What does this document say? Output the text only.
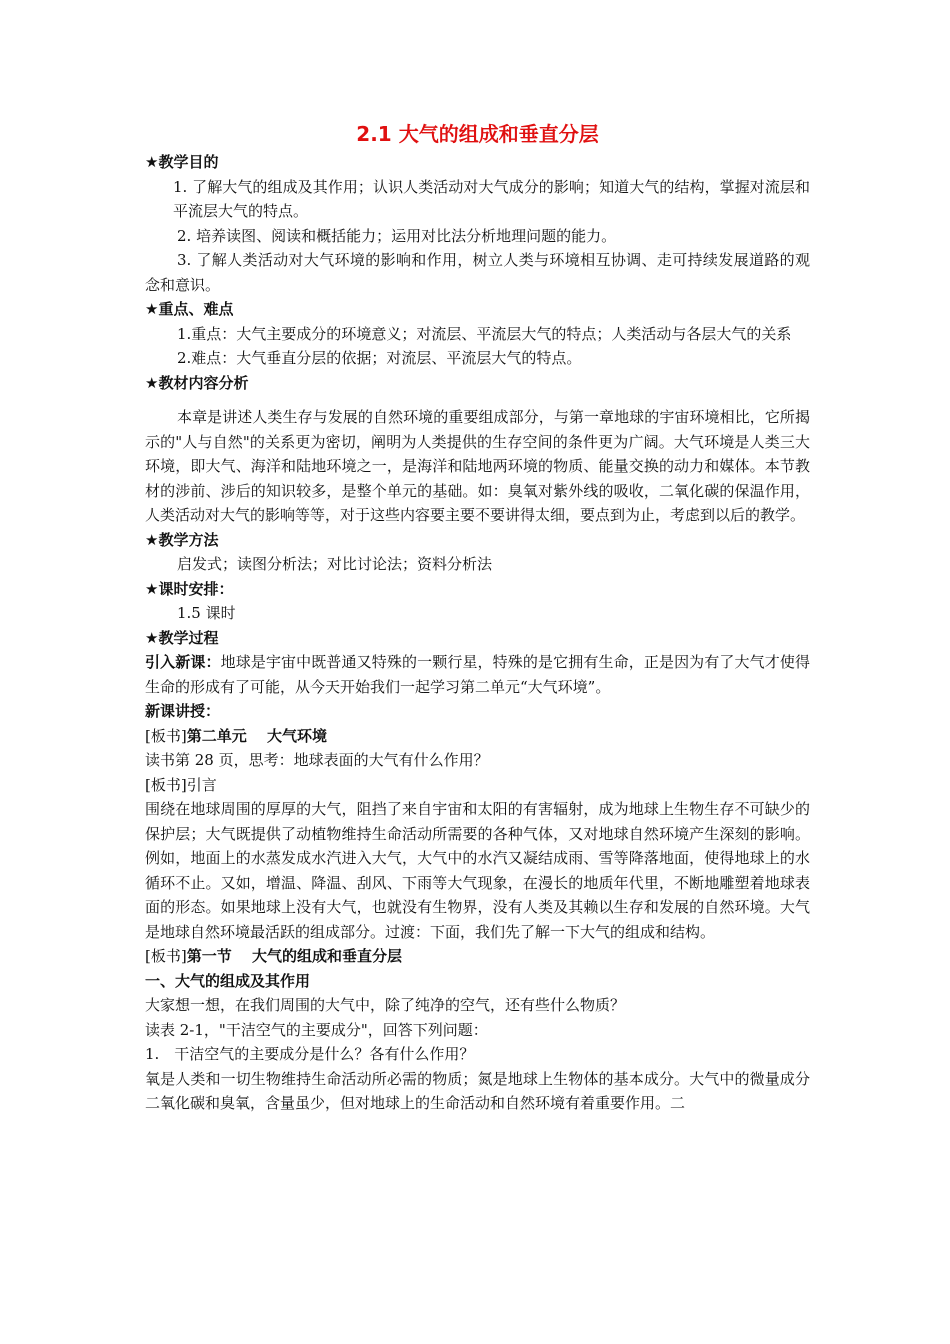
2.1 大气的组成和垂直分层
★教学目的

1. 了解大气的组成及其作用；认识人类活动对大气成分的影响；知道大气的结构，掌握对流层和平流层大气的特点。

2. 培养读图、阅读和概括能力；运用对比法分析地理问题的能力。

3. 了解人类活动对大气环境的影响和作用，树立人类与环境相互协调、走可持续发展道路的观念和意识。

★重点、难点

1.重点：大气主要成分的环境意义；对流层、平流层大气的特点；人类活动与各层大气的关系

2.难点：大气垂直分层的依据；对流层、平流层大气的特点。

★教材内容分析

本章是讲述人类生存与发展的自然环境的重要组成部分，与第一章地球的宇宙环境相比，它所揭示的"人与自然"的关系更为密切，阐明为人类提供的生存空间的条件更为广阔。大气环境是人类三大环境，即大气、海洋和陆地环境之一，是海洋和陆地两环境的物质、能量交换的动力和媒体。本节教材的涉前、涉后的知识较多，是整个单元的基础。如：臭氧对紫外线的吸收，二氧化碳的保温作用，人类活动对大气的影响等等，对于这些内容要主要不要讲得太细，要点到为止，考虑到以后的教学。

★教学方法

启发式；读图分析法；对比讨论法；资料分析法

★课时安排：

1.5 课时

★教学过程

引入新课：地球是宇宙中既普通又特殊的一颗行星，特殊的是它拥有生命，正是因为有了大气才使得生命的形成有了可能，从今天开始我们一起学习第二单元“大气环境”。

新课讲授：

[板书]第二单元　 大气环境

读书第 28 页，思考：地球表面的大气有什么作用？

[板书]引言

围绕在地球周围的厚厚的大气，阻挡了来自宇宙和太阳的有害辐射，成为地球上生物生存不可缺少的保护层；大气既提供了动植物维持生命活动所需要的各种气体，又对地球自然环境产生深刻的影响。例如，地面上的水蒸发成水汽进入大气，大气中的水汽又凝结成雨、雪等降落地面，使得地球上的水循环不止。又如，增温、降温、刮风、下雨等大气现象，在漫长的地质年代里，不断地雕塑着地球表面的形态。如果地球上没有大气，也就没有生物界，没有人类及其赖以生存和发展的自然环境。大气是地球自然环境最活跃的组成部分。过渡：下面，我们先了解一下大气的组成和结构。

[板书]第一节　 大气的组成和垂直分层

一、大气的组成及其作用

大家想一想，在我们周围的大气中，除了纯净的空气，还有些什么物质？

读表 2-1，"干洁空气的主要成分"，回答下列问题：

1.　干洁空气的主要成分是什么？各有什么作用？

氧是人类和一切生物维持生命活动所必需的物质；氮是地球上生物体的基本成分。大气中的微量成分二氧化碳和臭氧，含量虽少，但对地球上的生命活动和自然环境有着重要作用。二
